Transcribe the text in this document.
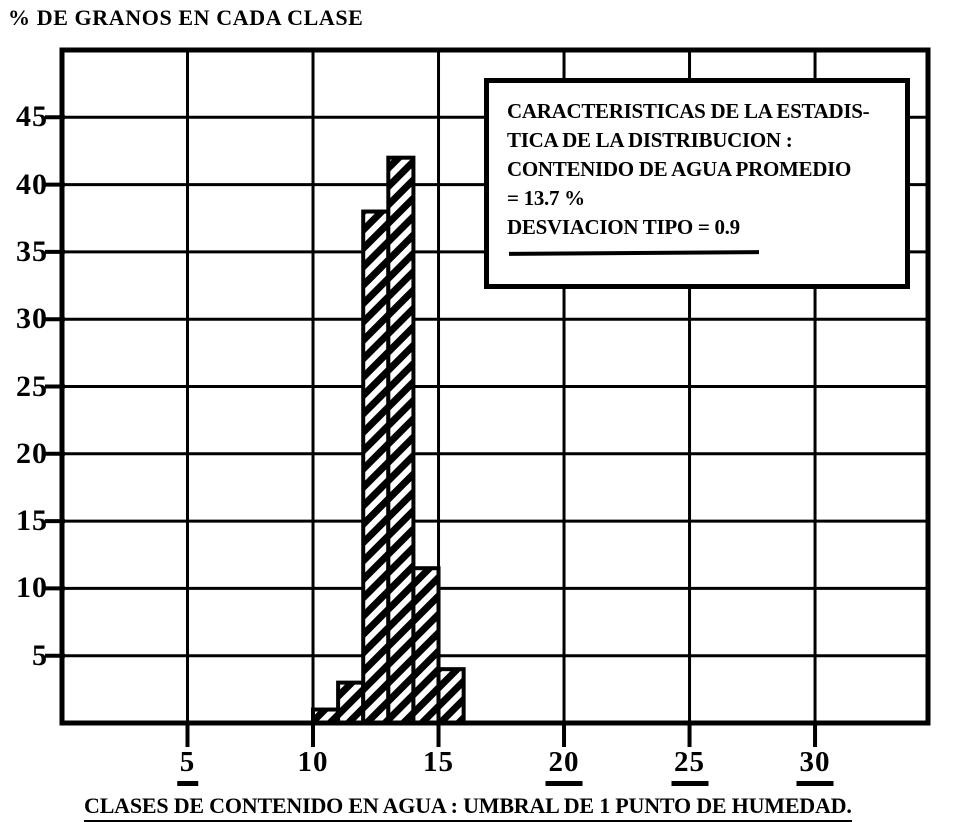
% DE GRANOS EN CADA CLASE
5
10
15
20
25
30
35
40
45
5	10	15	20	25	30
CARACTERISTICAS DE LA ESTADIS-
TICA DE LA DISTRIBUCION :
CONTENIDO DE AGUA PROMEDIO
= 13.7 %
DESVIACION TIPO = 0.9
CLASES DE CONTENIDO EN AGUA : UMBRAL DE 1 PUNTO DE HUMEDAD.
